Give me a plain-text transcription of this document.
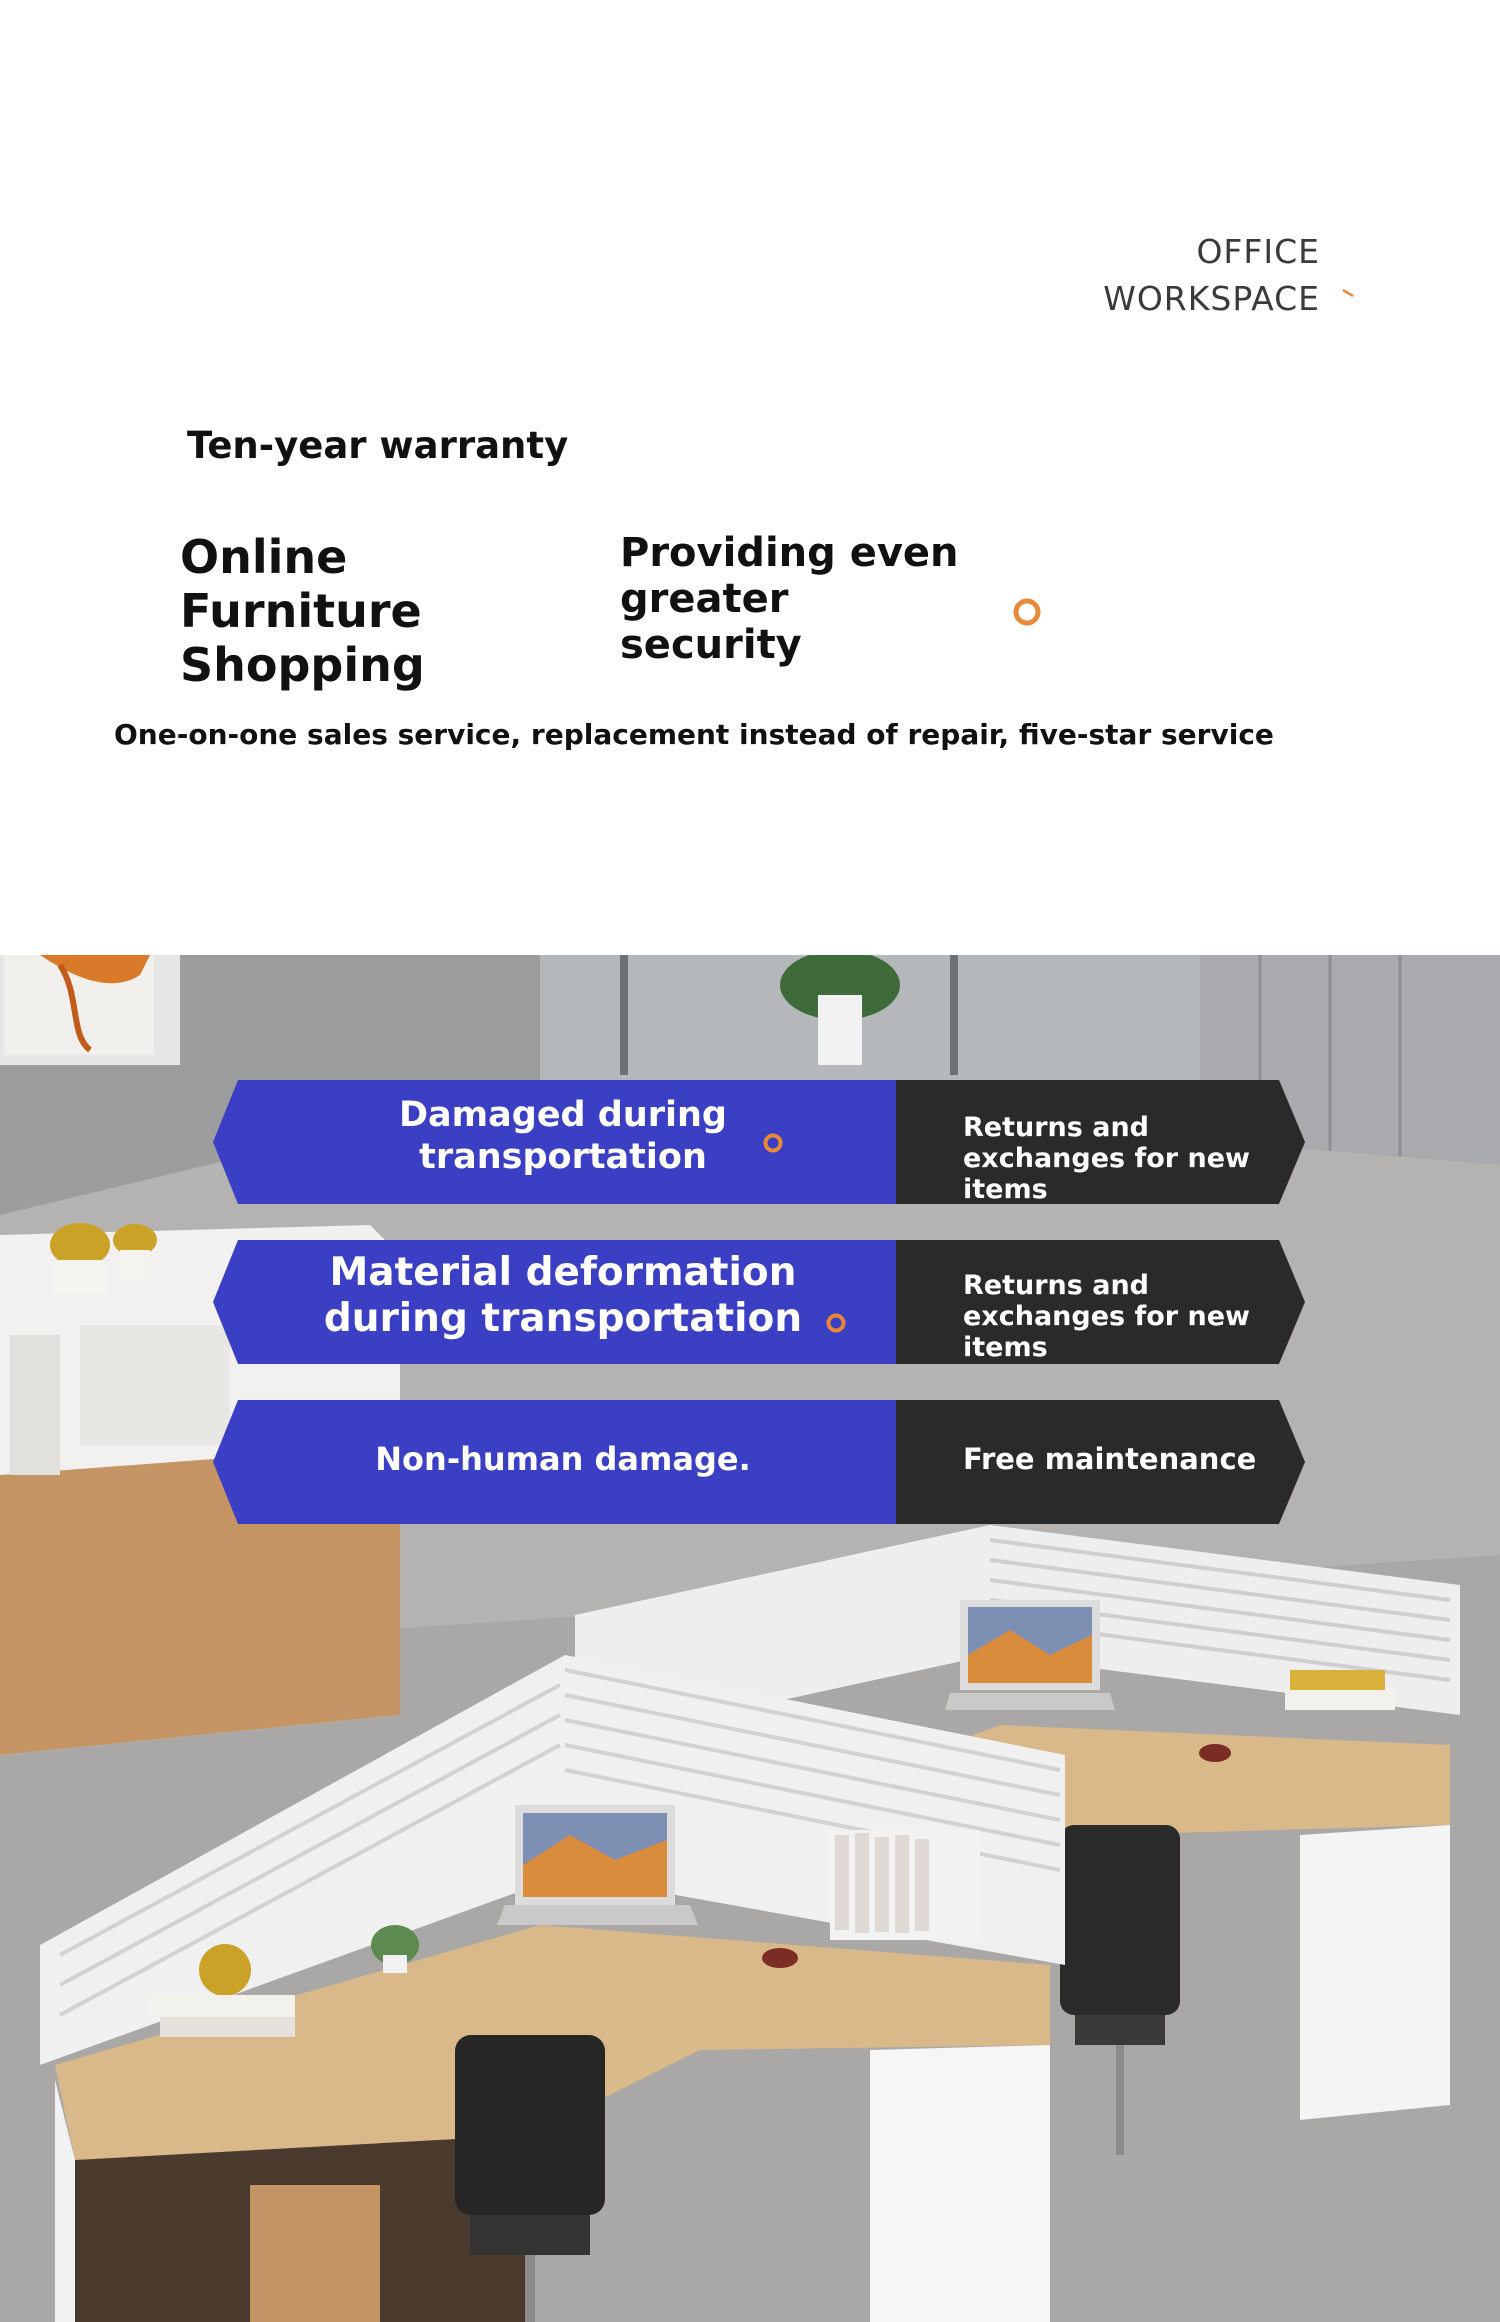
OFFICE
WORKSPACE
Ten-year warranty
Online Furniture Shopping
Providing even greater security
One-on-one sales service, replacement instead of repair, five-star service
Damaged during transportation
Returns and exchanges for new items
Material deformation during transportation
Returns and exchanges for new items
Non-human damage.	Free maintenance
